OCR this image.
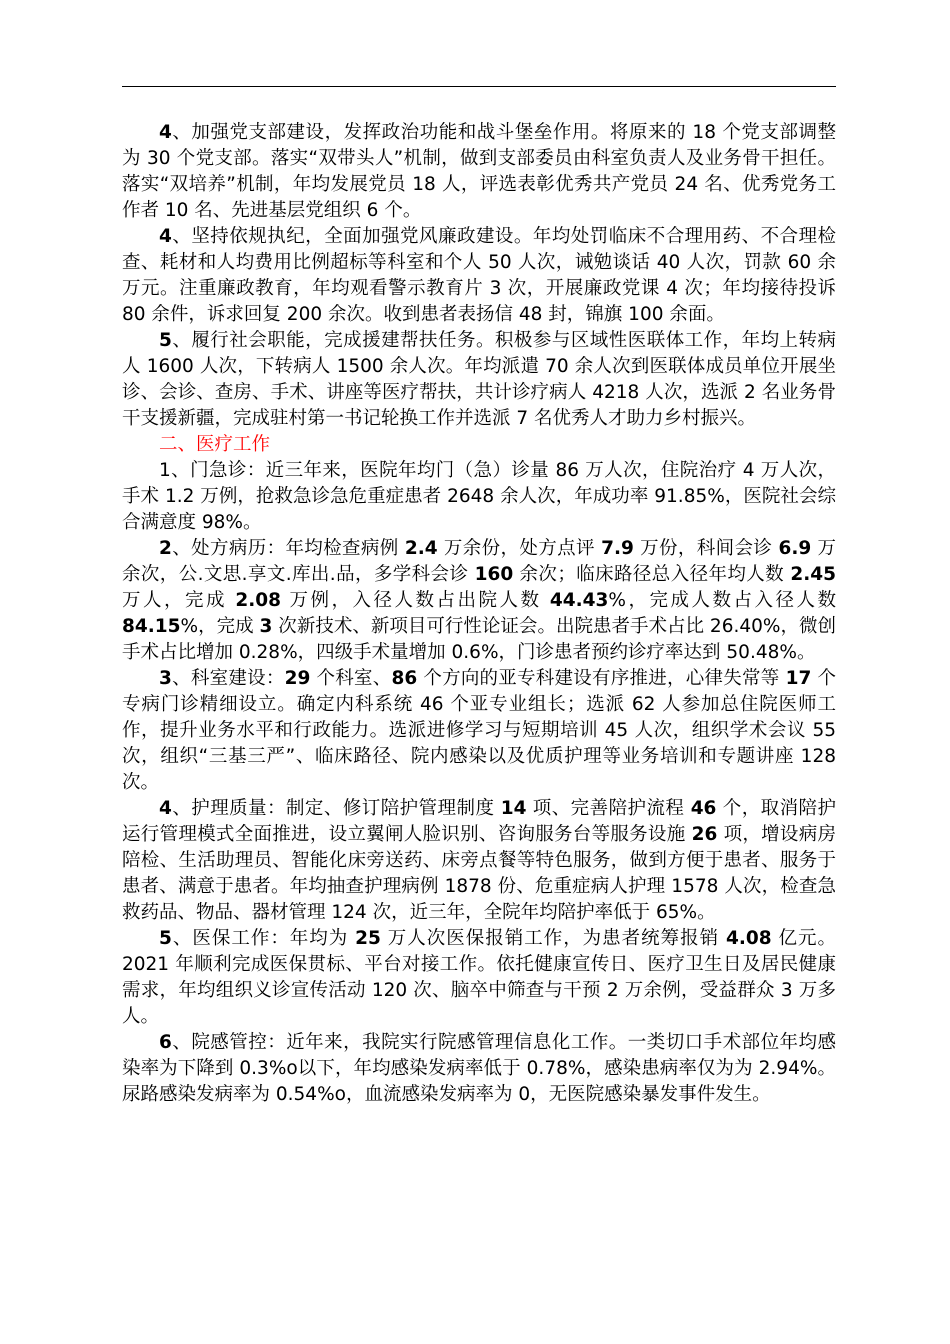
4、加强党支部建设，发挥政治功能和战斗堡垒作用。将原来的 18 个党支部调整为 30 个党支部。落实“双带头人”机制，做到支部委员由科室负责人及业务骨干担任。落实“双培养”机制，年均发展党员 18 人，评选表彰优秀共产党员 24 名、优秀党务工作者 10 名、先进基层党组织 6 个。

4、坚持依规执纪，全面加强党风廉政建设。年均处罚临床不合理用药、不合理检查、耗材和人均费用比例超标等科室和个人 50 人次，诫勉谈话 40 人次，罚款 60 余万元。注重廉政教育，年均观看警示教育片 3 次，开展廉政党课 4 次；年均接待投诉 80 余件，诉求回复 200 余次。收到患者表扬信 48 封，锦旗 100 余面。

5、履行社会职能，完成援建帮扶任务。积极参与区域性医联体工作，年均上转病人 1600 人次，下转病人 1500 余人次。年均派遣 70 余人次到医联体成员单位开展坐诊、会诊、查房、手术、讲座等医疗帮扶，共计诊疗病人 4218 人次，选派 2 名业务骨干支援新疆，完成驻村第一书记轮换工作并选派 7 名优秀人才助力乡村振兴。

二、医疗工作

1、门急诊：近三年来，医院年均门（急）诊量 86 万人次，住院治疗 4 万人次，手术 1.2 万例，抢救急诊急危重症患者 2648 余人次，年成功率 91.85%，医院社会综合满意度 98%。

2、处方病历：年均检查病例 2.4 万余份，处方点评 7.9 万份，科间会诊 6.9 万余次，公.文思.享文.库出.品，多学科会诊 160 余次；临床路径总入径年均人数 2.45 万人，完成 2.08 万例，入径人数占出院人数 44.43%，完成人数占入径人数 84.15%，完成 3 次新技术、新项目可行性论证会。出院患者手术占比 26.40%，微创手术占比增加 0.28%，四级手术量增加 0.6%，门诊患者预约诊疗率达到 50.48%。

3、科室建设：29 个科室、86 个方向的亚专科建设有序推进，心律失常等 17 个专病门诊精细设立。确定内科系统 46 个亚专业组长；选派 62 人参加总住院医师工作，提升业务水平和行政能力。选派进修学习与短期培训 45 人次，组织学术会议 55 次，组织“三基三严”、临床路径、院内感染以及优质护理等业务培训和专题讲座 128 次。

4、护理质量：制定、修订陪护管理制度 14 项、完善陪护流程 46 个，取消陪护运行管理模式全面推进，设立翼闸人脸识别、咨询服务台等服务设施 26 项，增设病房陪检、生活助理员、智能化床旁送药、床旁点餐等特色服务，做到方便于患者、服务于患者、满意于患者。年均抽查护理病例 1878 份、危重症病人护理 1578 人次，检查急救药品、物品、器材管理 124 次，近三年，全院年均陪护率低于 65%。

5、医保工作：年均为 25 万人次医保报销工作，为患者统筹报销 4.08 亿元。2021 年顺利完成医保贯标、平台对接工作。依托健康宣传日、医疗卫生日及居民健康需求，年均组织义诊宣传活动 120 次、脑卒中筛查与干预 2 万余例，受益群众 3 万多人。

6、院感管控：近年来，我院实行院感管理信息化工作。一类切口手术部位年均感染率为下降到 0.3%o以下，年均感染发病率低于 0.78%，感染患病率仅为为 2.94%。尿路感染发病率为 0.54%o，血流感染发病率为 0，无医院感染暴发事件发生。
